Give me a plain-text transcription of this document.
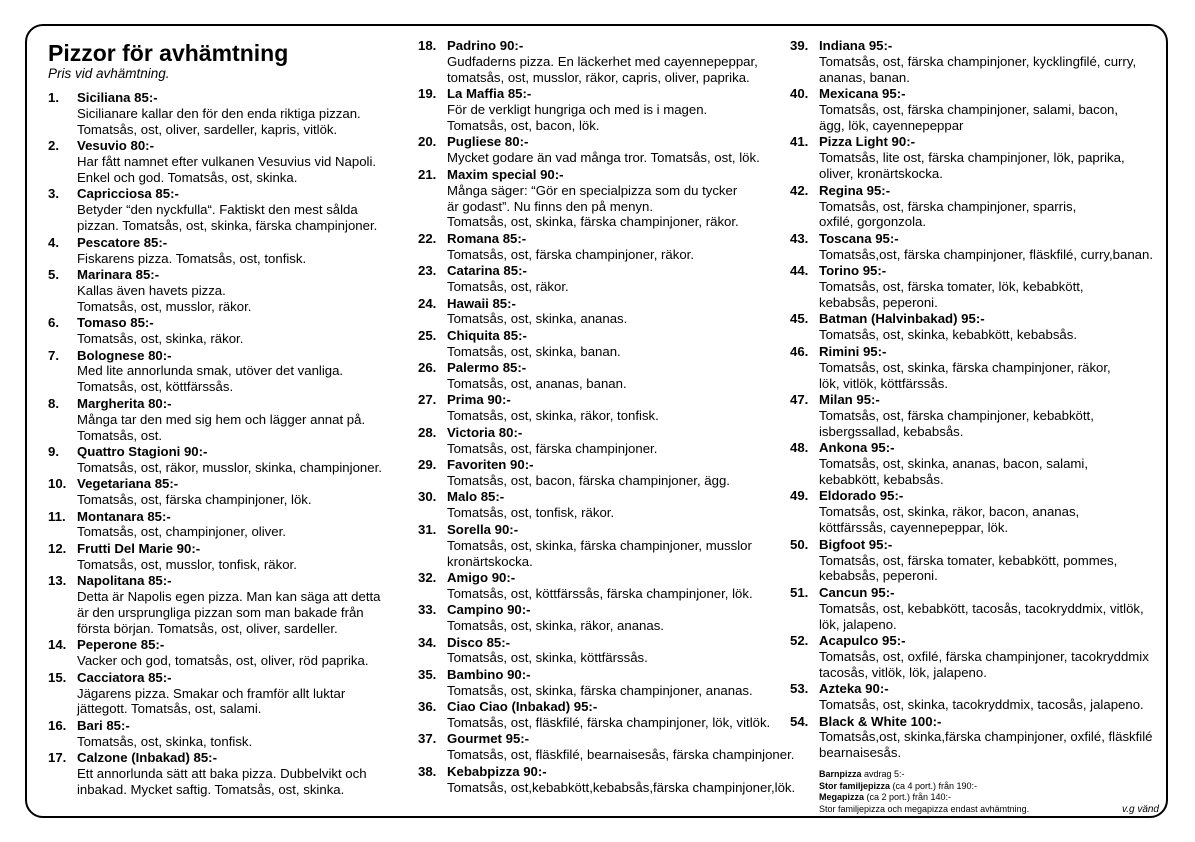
Pizzor för avhämtning

Pris vid avhämtning.

1.	Siciliana 85:-
Sicilianare kallar den för den enda riktiga pizzan.
Tomatsås, ost, oliver, sardeller, kapris, vitlök.
2.	Vesuvio 80:-
Har fått namnet efter vulkanen Vesuvius vid Napoli.
Enkel och god. Tomatsås, ost, skinka.
3.	Capricciosa 85:-
Betyder “den nyckfulla“. Faktiskt den mest sålda
pizzan. Tomatsås, ost, skinka, färska champinjoner.
4.	Pescatore 85:-
Fiskarens pizza. Tomatsås, ost, tonfisk.
5.	Marinara 85:-
Kallas även havets pizza.
Tomatsås, ost, musslor, räkor.
6.	Tomaso 85:-
Tomatsås, ost, skinka, räkor.
7.	Bolognese 80:-
Med lite annorlunda smak, utöver det vanliga.
Tomatsås, ost, köttfärssås.
8.	Margherita 80:-
Många tar den med sig hem och lägger annat på.
Tomatsås, ost.
9.	Quattro Stagioni 90:-
Tomatsås, ost, räkor, musslor, skinka, champinjoner.
10. Vegetariana 85:-
Tomatsås, ost, färska champinjoner, lök.
11. Montanara 85:-
Tomatsås, ost, champinjoner, oliver.
12. Frutti Del Marie 90:-
Tomatsås, ost, musslor, tonfisk, räkor.
13. Napolitana 85:-
Detta är Napolis egen pizza. Man kan säga att detta
är den ursprungliga pizzan som man bakade från
första början. Tomatsås, ost, oliver, sardeller.
14. Peperone 85:-
Vacker och god, tomatsås, ost, oliver, röd paprika.
15. Cacciatora 85:-
Jägarens pizza. Smakar och framför allt luktar
jättegott. Tomatsås, ost, salami.
16. Bari 85:-
Tomatsås, ost, skinka, tonfisk.
17. Calzone (Inbakad) 85:-
Ett annorlunda sätt att baka pizza. Dubbelvikt och
inbakad. Mycket saftig. Tomatsås, ost, skinka.
18. Padrino 90:-
Gudfaderns pizza. En läckerhet med cayennepeppar,
tomatsås, ost, musslor, räkor, capris, oliver, paprika.
19. La Maffia 85:-
För de verkligt hungriga och med is i magen.
Tomatsås, ost, bacon, lök.
20. Pugliese 80:-
Mycket godare än vad många tror. Tomatsås, ost, lök.
21. Maxim special 90:-
Många säger: “Gör en specialpizza som du tycker
är godast”. Nu finns den på menyn.
Tomatsås, ost, skinka, färska champinjoner, räkor.
22. Romana 85:-
Tomatsås, ost, färska champinjoner, räkor.
23. Catarina 85:-
Tomatsås, ost, räkor.
24. Hawaii 85:-
Tomatsås, ost, skinka, ananas.
25. Chiquita 85:-
Tomatsås, ost, skinka, banan.
26. Palermo 85:-
Tomatsås, ost, ananas, banan.
27. Prima 90:-
Tomatsås, ost, skinka, räkor, tonfisk.
28. Victoria 80:-
Tomatsås, ost, färska champinjoner.
29. Favoriten 90:-
Tomatsås, ost, bacon, färska champinjoner, ägg.
30. Malo 85:-
Tomatsås, ost, tonfisk, räkor.
31. Sorella 90:-
Tomatsås, ost, skinka, färska champinjoner, musslor
kronärtskocka.
32. Amigo 90:-
Tomatsås, ost, köttfärssås, färska champinjoner, lök.
33. Campino 90:-
Tomatsås, ost, skinka, räkor, ananas.
34. Disco 85:-
Tomatsås, ost, skinka, köttfärssås.
35. Bambino 90:-
Tomatsås, ost, skinka, färska champinjoner, ananas.
36. Ciao Ciao (Inbakad) 95:-
Tomatsås, ost, fläskfilé, färska champinjoner, lök, vitlök.
37. Gourmet 95:-
Tomatsås, ost, fläskfilé, bearnaisesås, färska champinjoner.
38. Kebabpizza 90:-
Tomatsås, ost,kebabkött,kebabsås,färska champinjoner,lök.
39. Indiana 95:-
Tomatsås, ost, färska champinjoner, kycklingfilé, curry,
ananas, banan.
40. Mexicana 95:-
Tomatsås, ost, färska champinjoner, salami, bacon,
ägg, lök, cayennepeppar
41. Pizza Light 90:-
Tomatsås, lite ost, färska champinjoner, lök, paprika,
oliver, kronärtskocka.
42. Regina 95:-
Tomatsås, ost, färska champinjoner, sparris,
oxfilé, gorgonzola.
43. Toscana 95:-
Tomatsås,ost, färska champinjoner, fläskfilé, curry,banan.
44. Torino 95:-
Tomatsås, ost, färska tomater, lök, kebabkött,
kebabsås, peperoni.
45. Batman (Halvinbakad) 95:-
Tomatsås, ost, skinka, kebabkött, kebabsås.
46. Rimini 95:-
Tomatsås, ost, skinka, färska champinjoner, räkor,
lök, vitlök, köttfärssås.
47. Milan 95:-
Tomatsås, ost, färska champinjoner, kebabkött,
isbergssallad, kebabsås.
48. Ankona 95:-
Tomatsås, ost, skinka, ananas, bacon, salami,
kebabkött, kebabsås.
49. Eldorado 95:-
Tomatsås, ost, skinka, räkor, bacon, ananas,
köttfärssås, cayennepeppar, lök.
50. Bigfoot 95:-
Tomatsås, ost, färska tomater, kebabkött, pommes,
kebabsås, peperoni.
51. Cancun 95:-
Tomatsås, ost, kebabkött, tacosås, tacokryddmix, vitlök,
lök, jalapeno.
52. Acapulco 95:-
Tomatsås, ost, oxfilé, färska champinjoner, tacokryddmix
tacosås, vitlök, lök, jalapeno.
53. Azteka 90:-
Tomatsås, ost, skinka, tacokryddmix, tacosås, jalapeno.
54. Black & White 100:-
Tomatsås,ost, skinka,färska champinjoner, oxfilé, fläskfilé
bearnaisesås.
Barnpizza avdrag 5:-
Stor familjepizza (ca 4 port.) från 190:-
Megapizza (ca 2 port.) från 140:-
Stor familjepizza och megapizza endast avhämtning.	v.g vänd
